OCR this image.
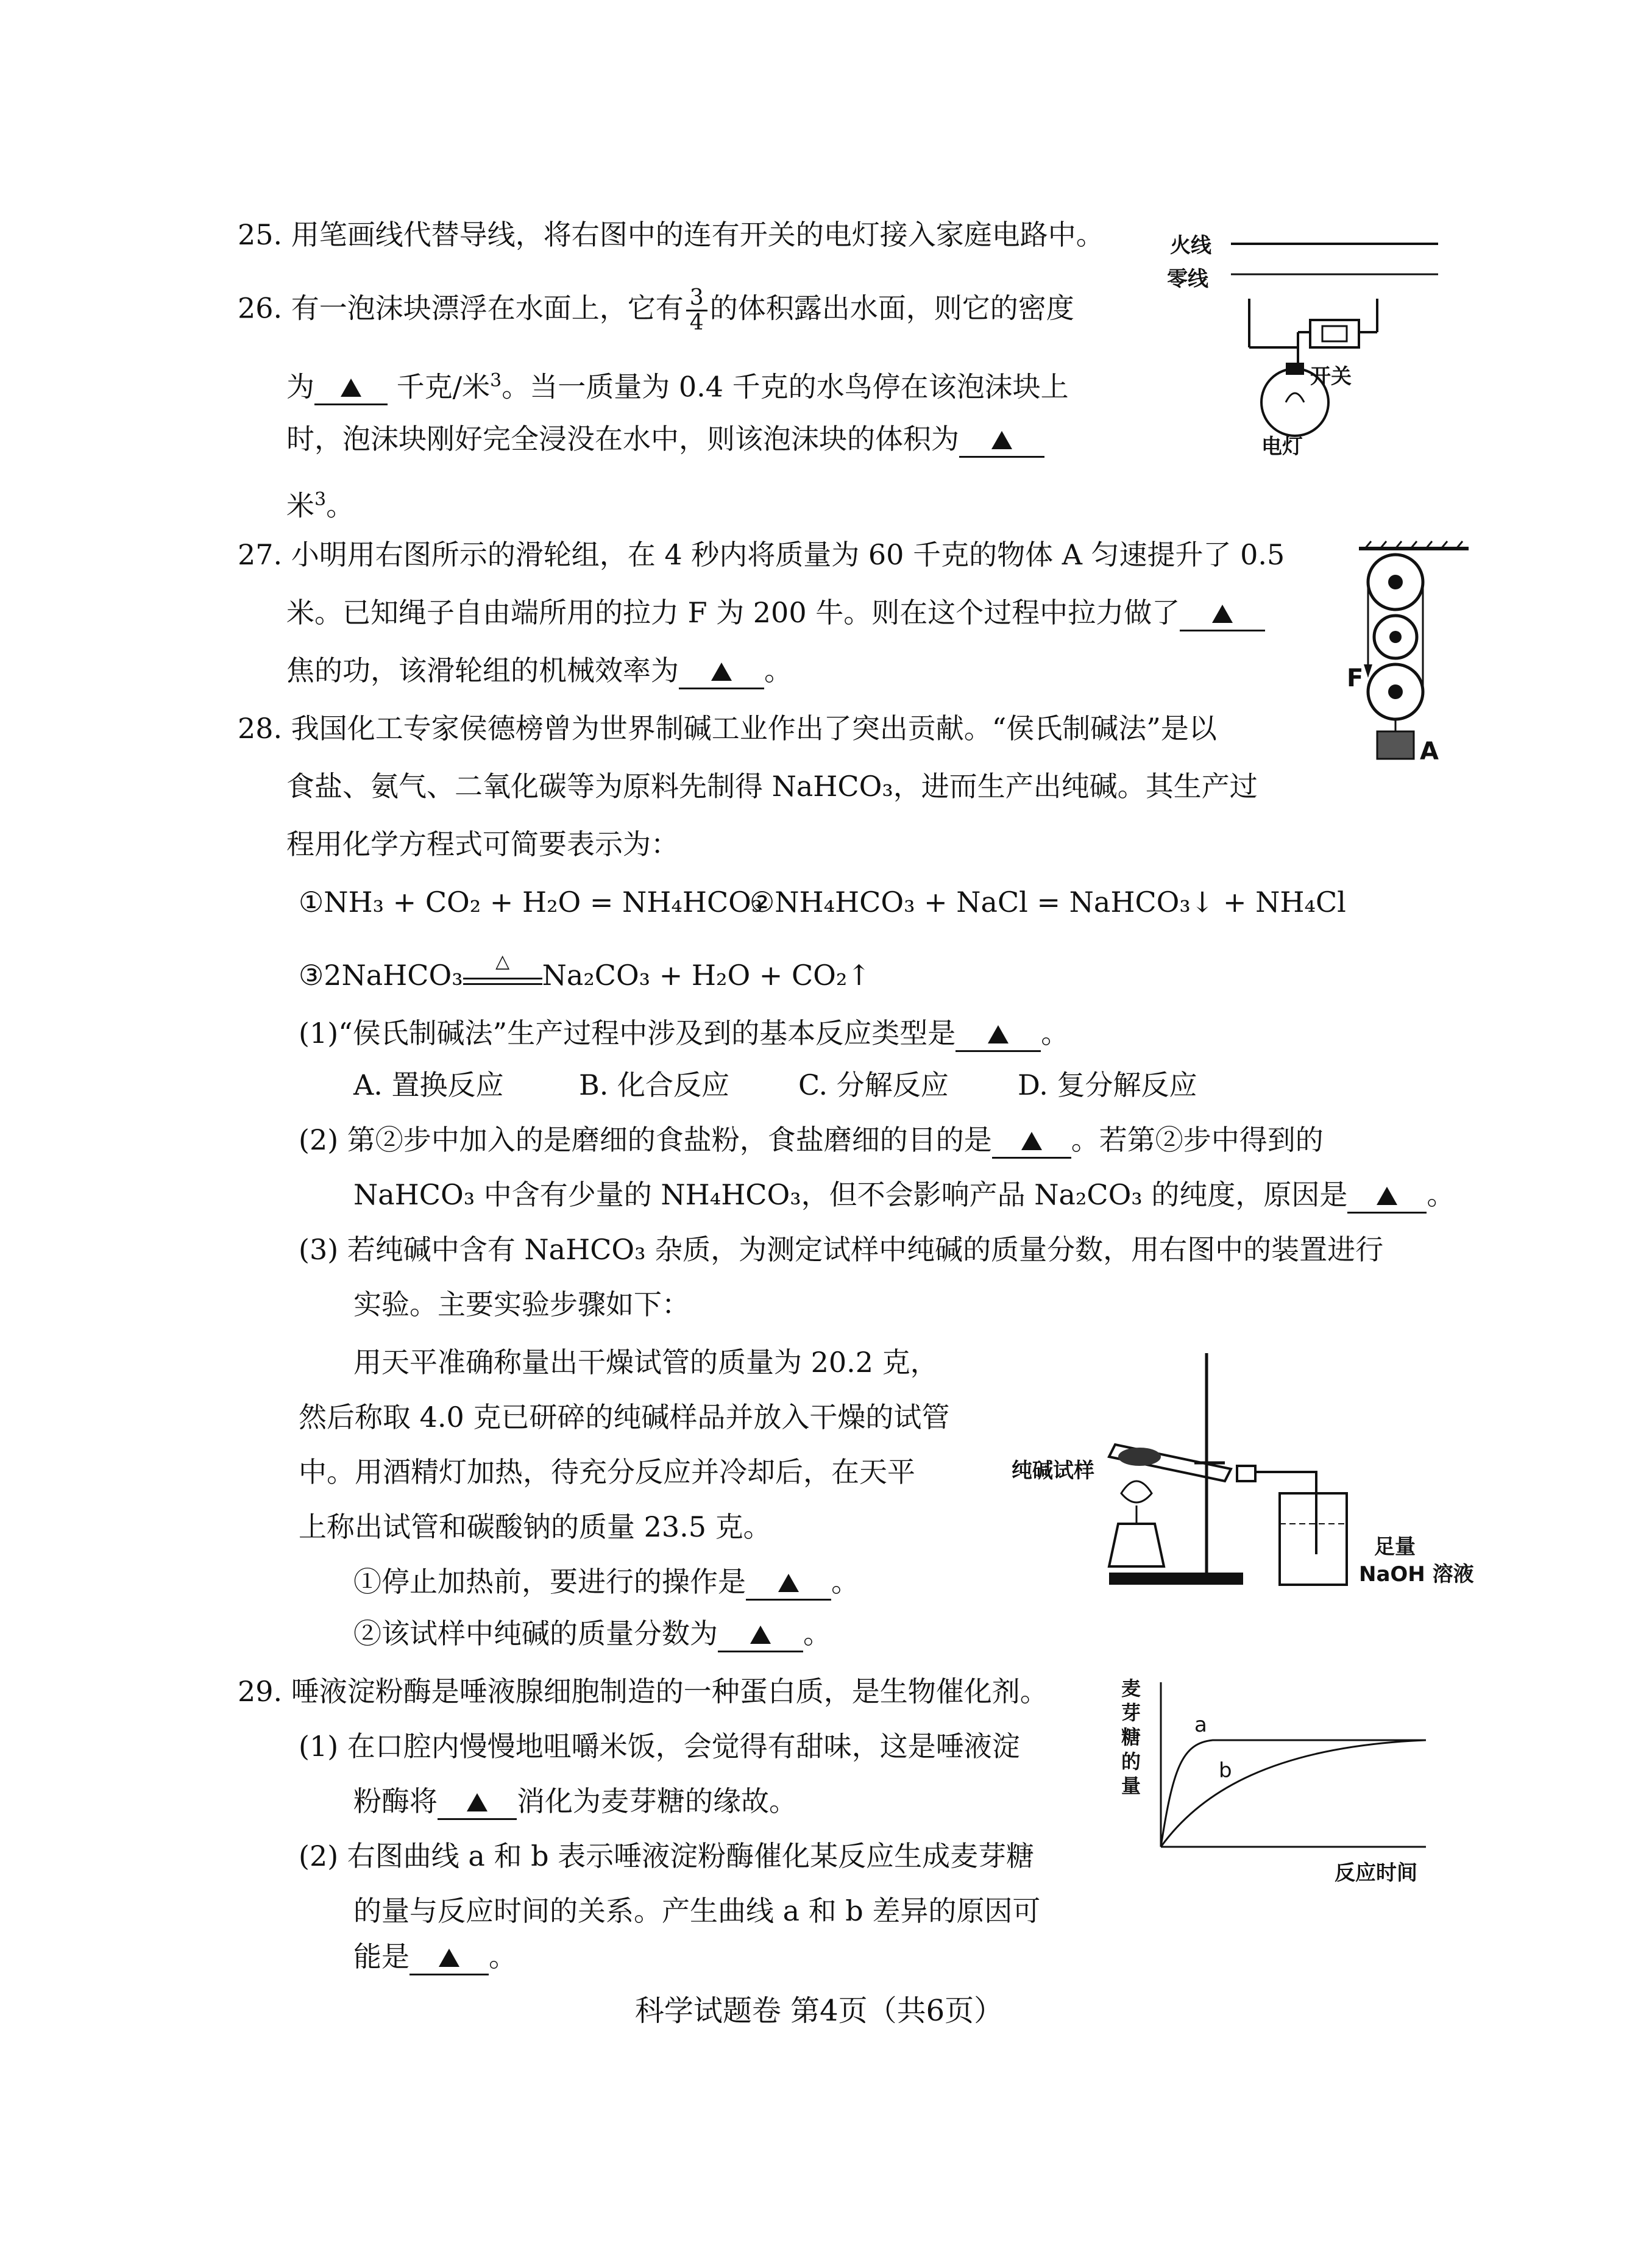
25. 用笔画线代替导线，将右图中的连有开关的电灯接入家庭电路中。	火线
零线
开关
电灯
26. 有一泡沫块漂浮在水面上，它有 $\frac{3}{4}$ 的体积露出水面，则它的密度
为	千克/米$^3$。当一质量为 0.4 千克的水鸟停在该泡沫块上
时，泡沫块刚好完全浸没在水中，则该泡沫块的体积为
米$^3$。
27. 小明用右图所示的滑轮组，在 4 秒内将质量为 60 千克的物体 A 匀速提升了 0.5
米。已知绳子自由端所用的拉力 F 为 200 牛。则在这个过程中拉力做了
焦的功，该滑轮组的机械效率为	。	F
A
28. 我国化工专家侯德榜曾为世界制碱工业作出了突出贡献。“侯氏制碱法”是以
食盐、氨气、二氧化碳等为原料先制得 NaHCO₃，进而生产出纯碱。其生产过
程用化学方程式可简要表示为：
①NH₃ + CO₂ + H₂O = NH₄HCO₃
②NH₄HCO₃ + NaCl = NaHCO₃↓ + NH₄Cl
③2NaHCO₃	△	Na₂CO₃ + H₂O + CO₂↑
(1)“侯氏制碱法”生产过程中涉及到的基本反应类型是	。
A. 置换反应	B. 化合反应 C. 分解反应 D. 复分解反应
(2) 第②步中加入的是磨细的食盐粉，食盐磨细的目的是	。若第②步中得到的
NaHCO₃ 中含有少量的 NH₄HCO₃，但不会影响产品 Na₂CO₃ 的纯度，原因是	。
(3) 若纯碱中含有 NaHCO₃ 杂质，为测定试样中纯碱的质量分数，用右图中的装置进行
实验。主要实验步骤如下：
用天平准确称量出干燥试管的质量为 20.2 克，
然后称取 4.0 克已研碎的纯碱样品并放入干燥的试管
中。用酒精灯加热，待充分反应并冷却后，在天平
上称出试管和碳酸钠的质量 23.5 克。
①停止加热前，要进行的操作是	。
②该试样中纯碱的质量分数为	。
纯碱试样
足量
NaOH 溶液
29. 唾液淀粉酶是唾液腺细胞制造的一种蛋白质，是生物催化剂。
(1) 在口腔内慢慢地咀嚼米饭，会觉得有甜味，这是唾液淀
粉酶将	消化为麦芽糖的缘故。
(2) 右图曲线 a 和 b 表示唾液淀粉酶催化某反应生成麦芽糖
的量与反应时间的关系。产生曲线 a 和 b 差异的原因可
能是	。
麦
芽
糖
的
量
a
b
反应时间
科学试题卷 第4页（共6页）
